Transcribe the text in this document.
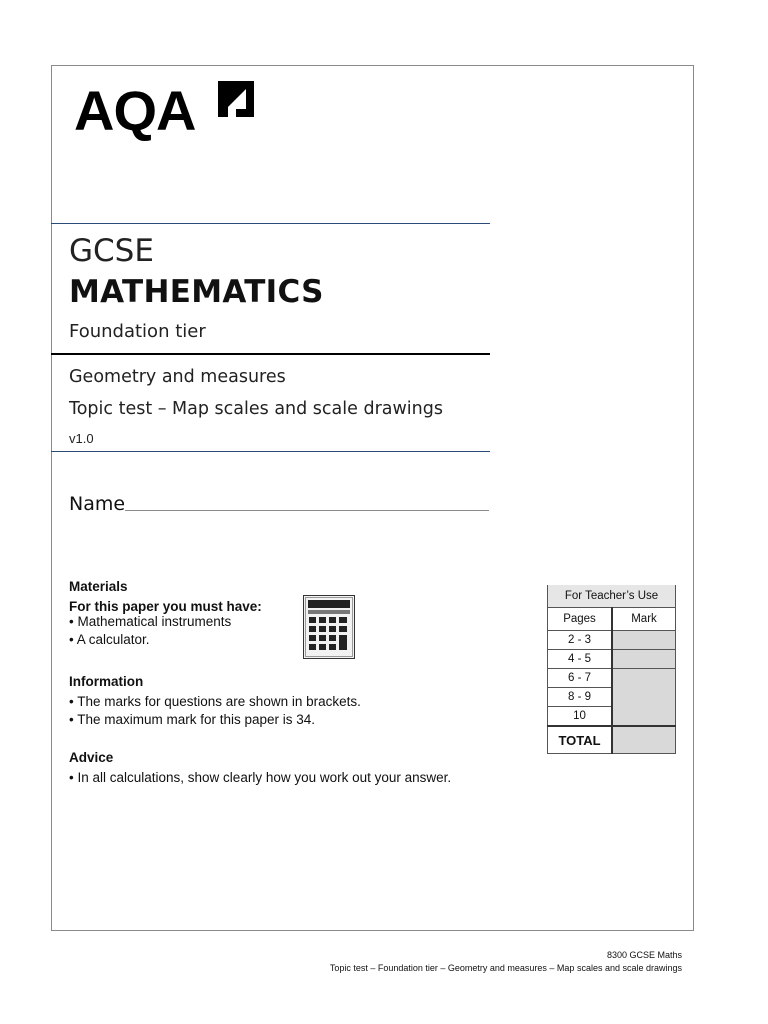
AQA
GCSE
MATHEMATICS
Foundation tier
Geometry and measures
Topic test – Map scales and scale drawings
v1.0
Name
Materials
For this paper you must have:
• Mathematical instruments
• A calculator.
Information
• The marks for questions are shown in brackets.
• The maximum mark for this paper is 34.
Advice
• In all calculations, show clearly how you work out your answer.
For Teacher’s Use	
Pages	Mark
2 - 3	
4 - 5	
6 - 7	
8 - 9	
10	
TOTAL	
8300 GCSE Maths
Topic test – Foundation tier – Geometry and measures – Map scales and scale drawings
